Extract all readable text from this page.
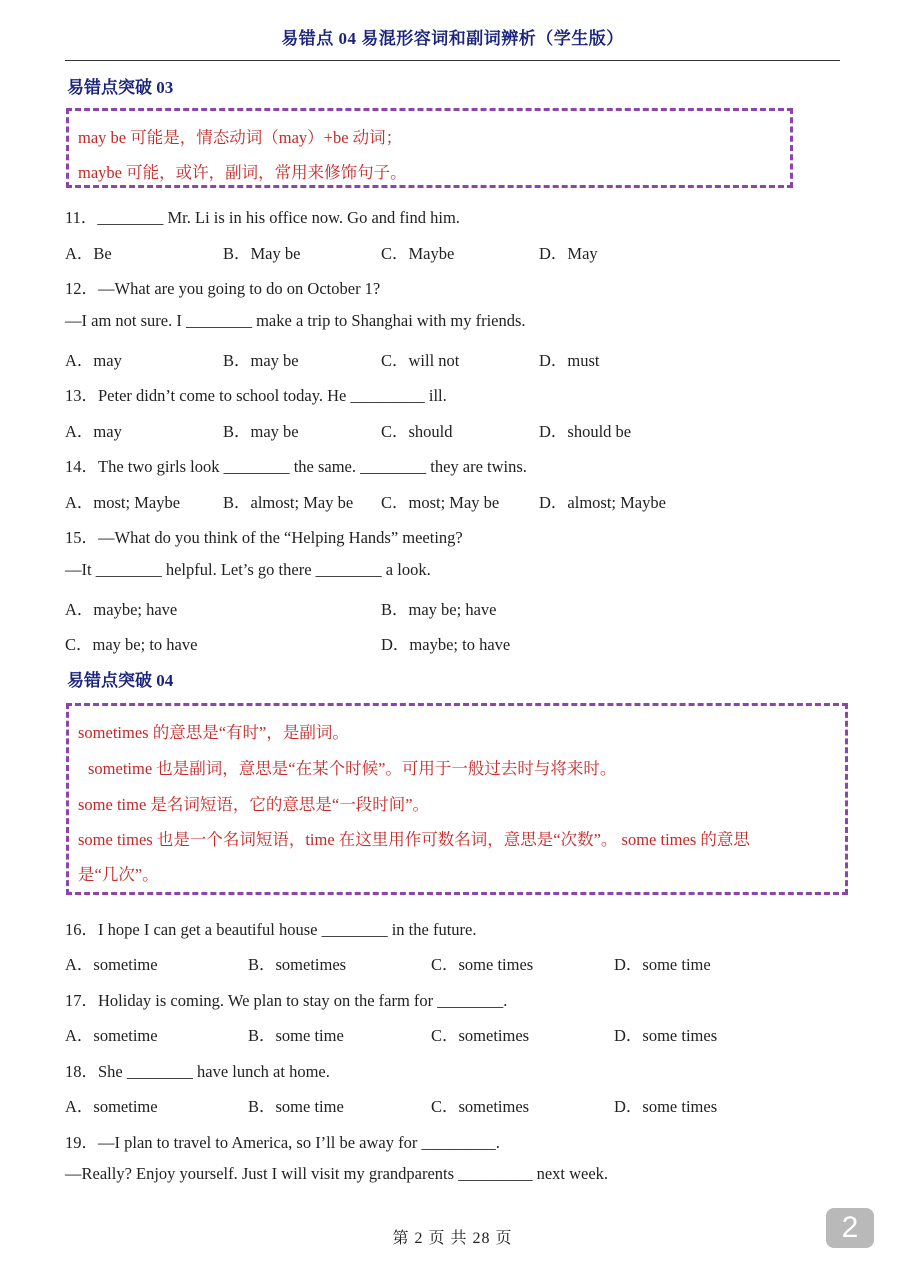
易错点 04 易混形容词和副词辨析（学生版）
易错点突破 03
may be 可能是，情态动词（may）+be 动词；
maybe 可能，或许，副词，常用来修饰句子。
11．________ Mr. Li is in his office now. Go and find him.
A．Be	B．May be	C．Maybe	D．May
12．—What are you going to do on October 1?
—I am not sure. I ________ make a trip to Shanghai with my friends.
A．may	B．may be	C．will not	D．must
13．Peter didn’t come to school today. He _________ ill.
A．may	B．may be	C．should	D．should be
14．The two girls look ________ the same. ________ they are twins.
A．most; Maybe	B．almost; May be C．most; May be D．almost; Maybe
15．—What do you think of the “Helping Hands” meeting?
—It ________ helpful. Let’s go there ________ a look.
A．maybe; have	B．may be; have
C．may be; to have	D．maybe; to have
易错点突破 04
sometimes 的意思是“有时”，是副词。
sometime 也是副词，意思是“在某个时候”。可用于一般过去时与将来时。
some time 是名词短语，它的意思是“一段时间”。
some times 也是一个名词短语，time 在这里用作可数名词，意思是“次数”。 some times 的意思
是“几次”。
16．I hope I can get a beautiful house ________ in the future.
A．sometime	B．sometimes	C．some times	D．some time
17．Holiday is coming. We plan to stay on the farm for ________.
A．sometime	B．some time	C．sometimes	D．some times
18．She ________ have lunch at home.
A．sometime	B．some time	C．sometimes	D．some times
19．—I plan to travel to America, so I’ll be away for _________.
—Really? Enjoy yourself. Just I will visit my grandparents _________ next week.
第 2 页 共 28 页	2
